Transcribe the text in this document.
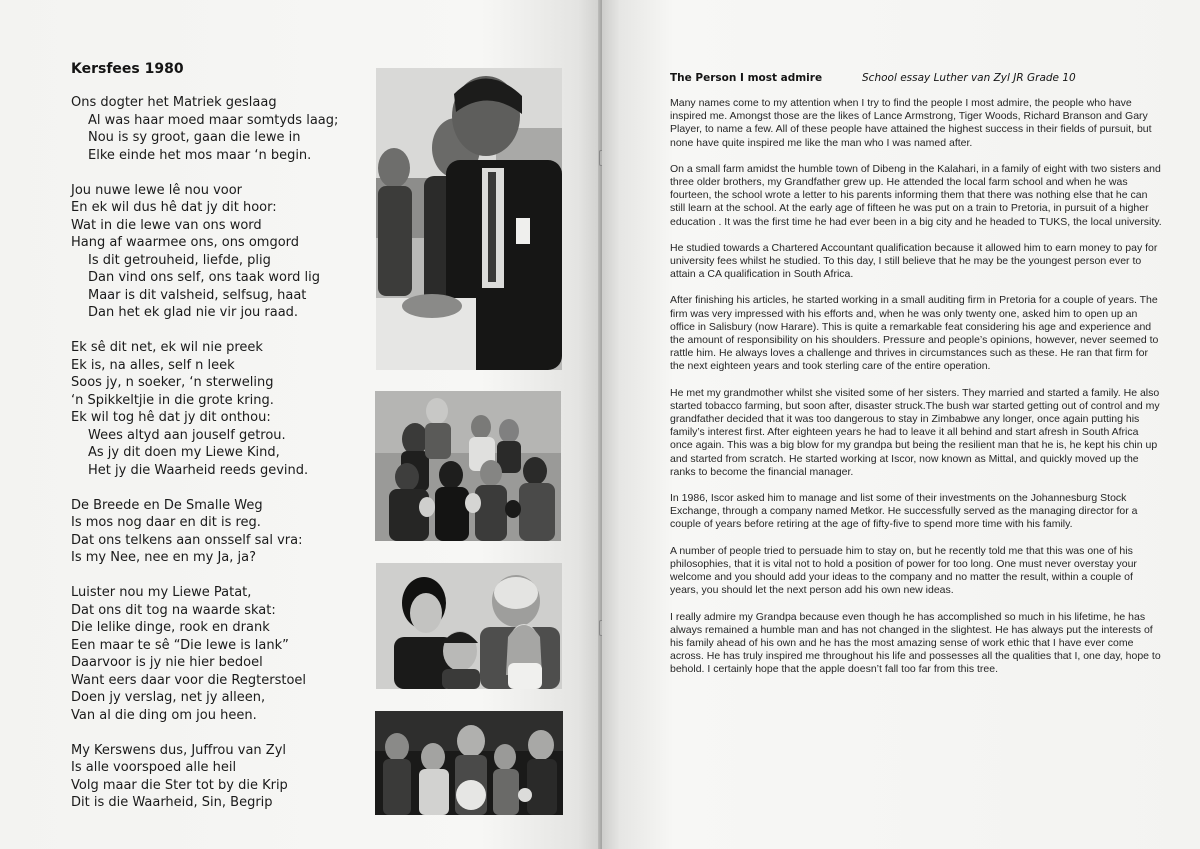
Kersfees 1980
Ons dogter het Matriek geslaag
Al was haar moed maar somtyds laag;
Nou is sy groot, gaan die lewe in
Elke einde het mos maar ‘n begin.
Jou nuwe lewe lê nou voor
En ek wil dus hê dat jy dit hoor:
Wat in die lewe van ons word
Hang af waarmee ons, ons omgord
Is dit getrouheid, liefde, plig
Dan vind ons self, ons taak word lig
Maar is dit valsheid, selfsug, haat
Dan het ek glad nie vir jou raad.
Ek sê dit net, ek wil nie preek
Ek is, na alles, self n leek
Soos jy, n soeker, ‘n sterweling
‘n Spikkeltjie in die grote kring.
Ek wil tog hê dat jy dit onthou:
Wees altyd aan jouself getrou.
As jy dit doen my Liewe Kind,
Het jy die Waarheid reeds gevind.
De Breede en De Smalle Weg
Is mos nog daar en dit is reg.
Dat ons telkens aan onsself sal vra:
Is my Nee, nee en my Ja, ja?
Luister nou my Liewe Patat,
Dat ons dit tog na waarde skat:
Die lelike dinge, rook en drank
Een maar te sê “Die lewe is lank”
Daarvoor is jy nie hier bedoel
Want eers daar voor die Regterstoel
Doen jy verslag, net jy alleen,
Van al die ding om jou heen.
My Kerswens dus, Juffrou van Zyl
Is alle voorspoed alle heil
Volg maar die Ster tot by die Krip
Dit is die Waarheid, Sin, Begrip
The Person I most admire	School essay Luther van Zyl JR Grade 10

Many names come to my attention when I try to find the people I most admire, the people who have inspired me. Amongst those are the likes of Lance Armstrong, Tiger Woods, Richard Branson and Gary Player, to name a few. All of these people have attained the highest success in their fields of pursuit, but none have quite inspired me like the man who I was named after.

On a small farm amidst the humble town of Dibeng in the Kalahari, in a family of eight with two sisters and three older brothers, my Grandfather grew up. He attended the local farm school and when he was fourteen, the school wrote a letter to his parents informing them that there was nothing else that he can still learn at the school. At the early age of fifteen he was put on a train to Pretoria, in pursuit of a higher education . It was the first time he had ever been in a big city and he headed to TUKS, the local university.

He studied towards a Chartered Accountant qualification because it allowed him to earn money to pay for university fees whilst he studied. To this day, I still believe that he may be the youngest person ever to attain a CA qualification in South Africa.

After finishing his articles, he started working in a small auditing firm in Pretoria for a couple of years. The firm was very impressed with his efforts and, when he was only twenty one, asked him to open up an office in Salisbury (now Harare). This is quite a remarkable feat considering his age and experience and the amount of responsibility on his shoulders. Pressure and people’s opinions, however, never seemed to rattle him. He always loves a challenge and thrives in circumstances such as these. He ran that firm for the next eighteen years and took sterling care of the entire operation.

He met my grandmother whilst she visited some of her sisters. They married and started a family. He also started tobacco farming, but soon after, disaster struck.The bush war started getting out of control and my grandfather decided that it was too dangerous to stay in Zimbabwe any longer, once again putting his family’s interest first. After eighteen years he had to leave it all behind and start afresh in South Africa once again. This was a big blow for my grandpa but being the resilient man that he is, he kept his chin up and started from scratch. He started working at Iscor, now known as Mittal, and quickly moved up the ranks to become the financial manager.

In 1986, Iscor asked him to manage and list some of their investments on the Johannesburg Stock Exchange, through a company named Metkor. He successfully served as the managing director for a couple of years before retiring at the age of fifty-five to spend more time with his family.

A number of people tried to persuade him to stay on, but he recently told me that this was one of his philosophies, that it is vital not to hold a position of power for too long. One must never overstay your welcome and you should add your ideas to the company and no matter the result, within a couple of years, you should let the next person add his own new ideas.

I really admire my Grandpa because even though he has accomplished so much in his lifetime, he has always remained a humble man and has not changed in the slightest. He has always put the interests of his family ahead of his own and he has the most amazing sense of work ethic that I have ever come across. He has truly inspired me throughout his life and possesses all the qualities that I, one day, hope to behold. I certainly hope that the apple doesn’t fall too far from this tree.
